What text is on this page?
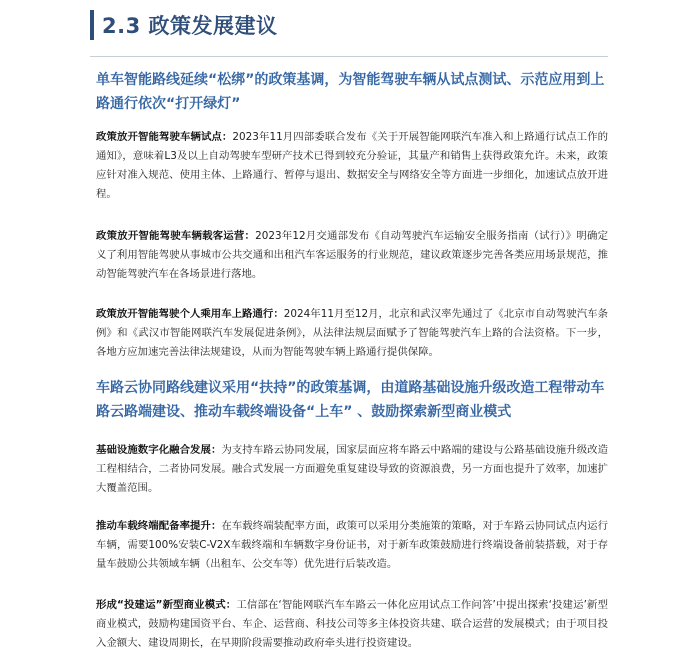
2.3 政策发展建议
单车智能路线延续“松绑”的政策基调，为智能驾驶车辆从试点测试、示范应用到上路通行依次“打开绿灯”
政策放开智能驾驶车辆试点：2023年11月四部委联合发布《关于开展智能网联汽车准入和上路通行试点工作的通知》，意味着L3及以上自动驾驶车型研产技术已得到较充分验证，其量产和销售上获得政策允许。未来，政策应针对准入规范、使用主体、上路通行、暂停与退出、数据安全与网络安全等方面进一步细化，加速试点放开进程。
政策放开智能驾驶车辆载客运营：2023年12月交通部发布《自动驾驶汽车运输安全服务指南（试行）》明确定义了利用智能驾驶从事城市公共交通和出租汽车客运服务的行业规范，建议政策逐步完善各类应用场景规范，推动智能驾驶汽车在各场景进行落地。
政策放开智能驾驶个人乘用车上路通行：2024年11月至12月，北京和武汉率先通过了《北京市自动驾驶汽车条例》和《武汉市智能网联汽车发展促进条例》，从法律法规层面赋予了智能驾驶汽车上路的合法资格。下一步，各地方应加速完善法律法规建设，从而为智能驾驶车辆上路通行提供保障。
车路云协同路线建议采用“扶持”的政策基调，由道路基础设施升级改造工程带动车路云路端建设、推动车载终端设备“上车” 、鼓励探索新型商业模式
基础设施数字化融合发展：为支持车路云协同发展，国家层面应将车路云中路端的建设与公路基础设施升级改造工程相结合，二者协同发展。融合式发展一方面避免重复建设导致的资源浪费，另一方面也提升了效率，加速扩大覆盖范围。
推动车载终端配备率提升：在车载终端装配率方面，政策可以采用分类施策的策略，对于车路云协同试点内运行车辆，需要100%安装C-V2X车载终端和车辆数字身份证书，对于新车政策鼓励进行终端设备前装搭载，对于存量车鼓励公共领域车辆（出租车、公交车等）优先进行后装改造。
形成“投建运”新型商业模式：工信部在‘智能网联汽车车路云一体化应用试点工作问答’中提出探索‘投建运’新型商业模式，鼓励构建国资平台、车企、运营商、科技公司等多主体投资共建、联合运营的发展模式；由于项目投入金额大、建设周期长，在早期阶段需要推动政府牵头进行投资建设。
